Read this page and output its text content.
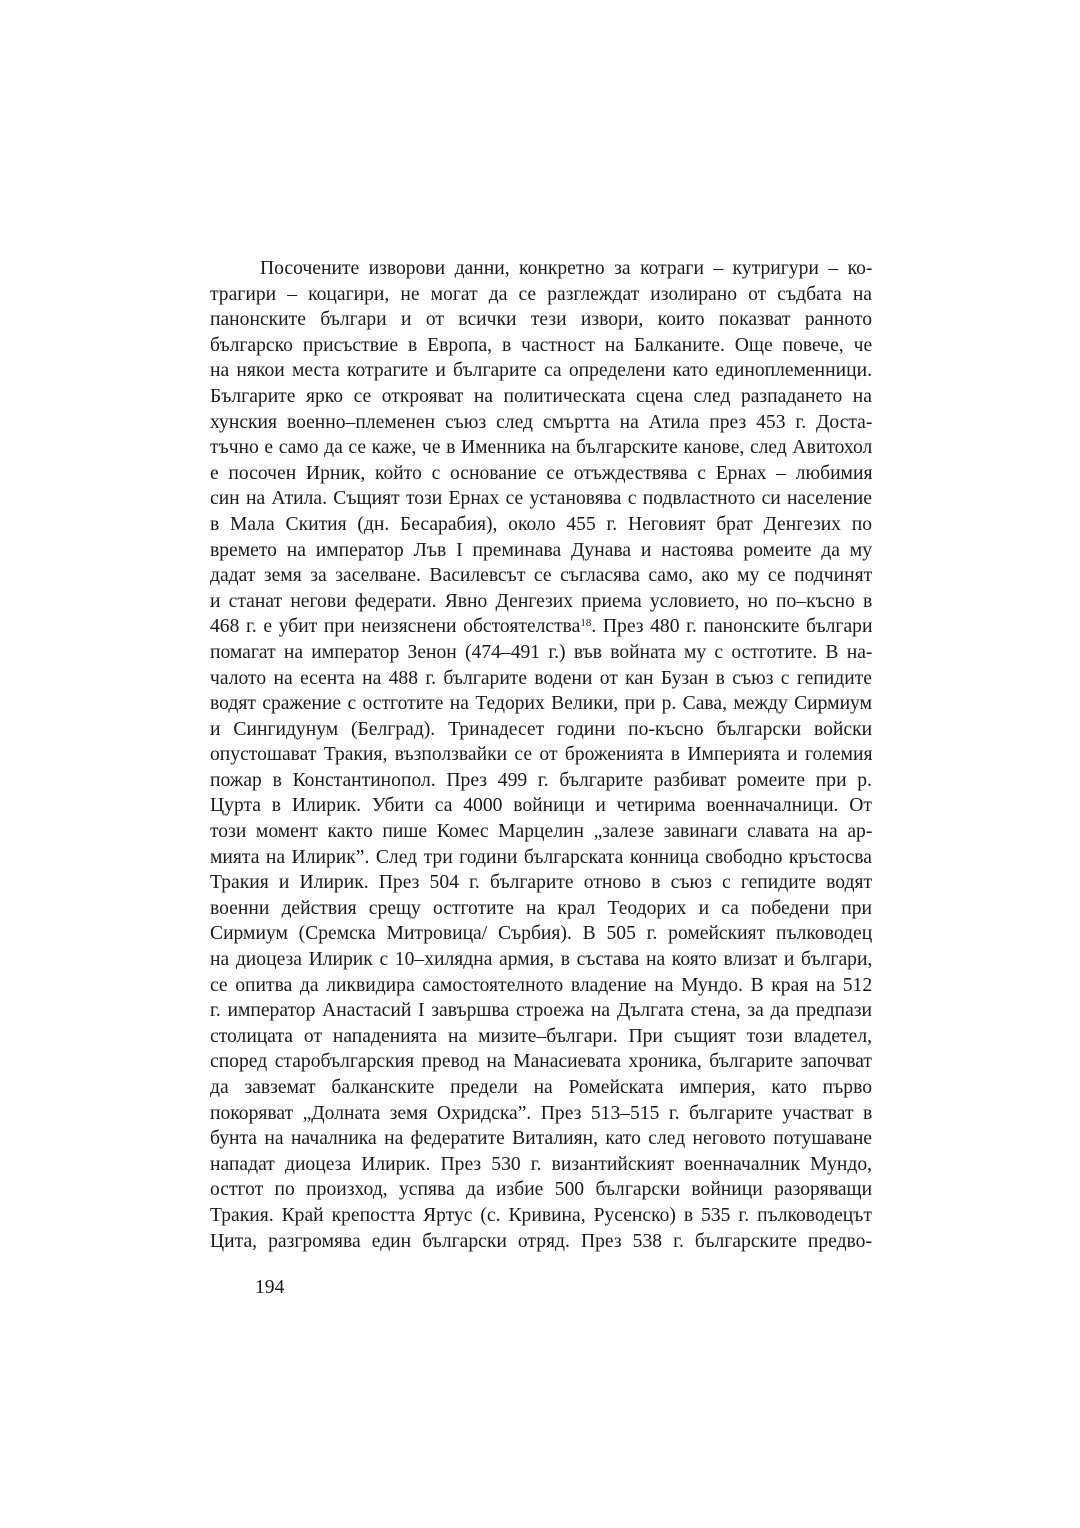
Посочените изворови данни, конкретно за котраги – кутригури – ко-
трагири – коцагири, не могат да се разглеждат изолирано от съдбата на
панонските българи и от всички тези извори, които показват ранното
българско присъствие в Европа, в частност на Балканите. Още повече, че
на някои места котрагите и българите са определени като единоплеменници.
Българите ярко се открояват на политическата сцена след разпадането на
хунския военно–племенен съюз след смъртта на Атила през 453 г. Доста-
тъчно е само да се каже, че в Именника на българските канове, след Авитохол
е посочен Ирник, който с основание се отъждествява с Ернах – любимия
син на Атила. Същият този Ернах се установява с подвластното си население
в Мала Скития (дн. Бесарабия), около 455 г. Неговият брат Денгезих по
времето на император Лъв I преминава Дунава и настоява ромеите да му
дадат земя за заселване. Василевсът се съгласява само, ако му се подчинят
и станат негови федерати. Явно Денгезих приема условието, но по–късно в
468 г. е убит при неизяснени обстоятелства$^{18}$. През 480 г. панонските българи
помагат на император Зенон (474–491 г.) във войната му с остготите. В на-
чалото на есента на 488 г. българите водени от кан Бузан в съюз с гепидите
водят сражение с остготите на Тедорих Велики, при р. Сава, между Сирмиум
и Сингидунум (Белград). Тринадесет години по-късно български войски
опустошават Тракия, възползвайки се от броженията в Империята и големия
пожар в Константинопол. През 499 г. българите разбиват ромеите при р.
Цурта в Илирик. Убити са 4000 войници и четирима военначалници. От
този момент както пише Комес Марцелин „залезе завинаги славата на ар-
мията на Илирик”. След три години българската конница свободно кръстосва
Тракия и Илирик. През 504 г. българите отново в съюз с гепидите водят
военни действия срещу остготите на крал Теодорих и са победени при
Сирмиум (Сремска Митровица/ Сърбия). В 505 г. ромейският пълководец
на диоцеза Илирик с 10–хилядна армия, в състава на която влизат и българи,
се опитва да ликвидира самостоятелното владение на Мундо. В края на 512
г. император Анастасий I завършва строежа на Дългата стена, за да предпази
столицата от нападенията на мизите–българи. При същият този владетел,
според старобългарския превод на Манасиевата хроника, българите започват
да завземат балканските предели на Ромейската империя, като първо
покоряват „Долната земя Охридска”. През 513–515 г. българите участват в
бунта на началника на федератите Виталиян, като след неговото потушаване
нападат диоцеза Илирик. През 530 г. византийският военначалник Мундо,
остгот по произход, успява да избие 500 български войници разоряващи
Тракия. Край крепостта Яртус (с. Кривина, Русенско) в 535 г. пълководецът
Цита, разгромява един български отряд. През 538 г. българските предво-
194
